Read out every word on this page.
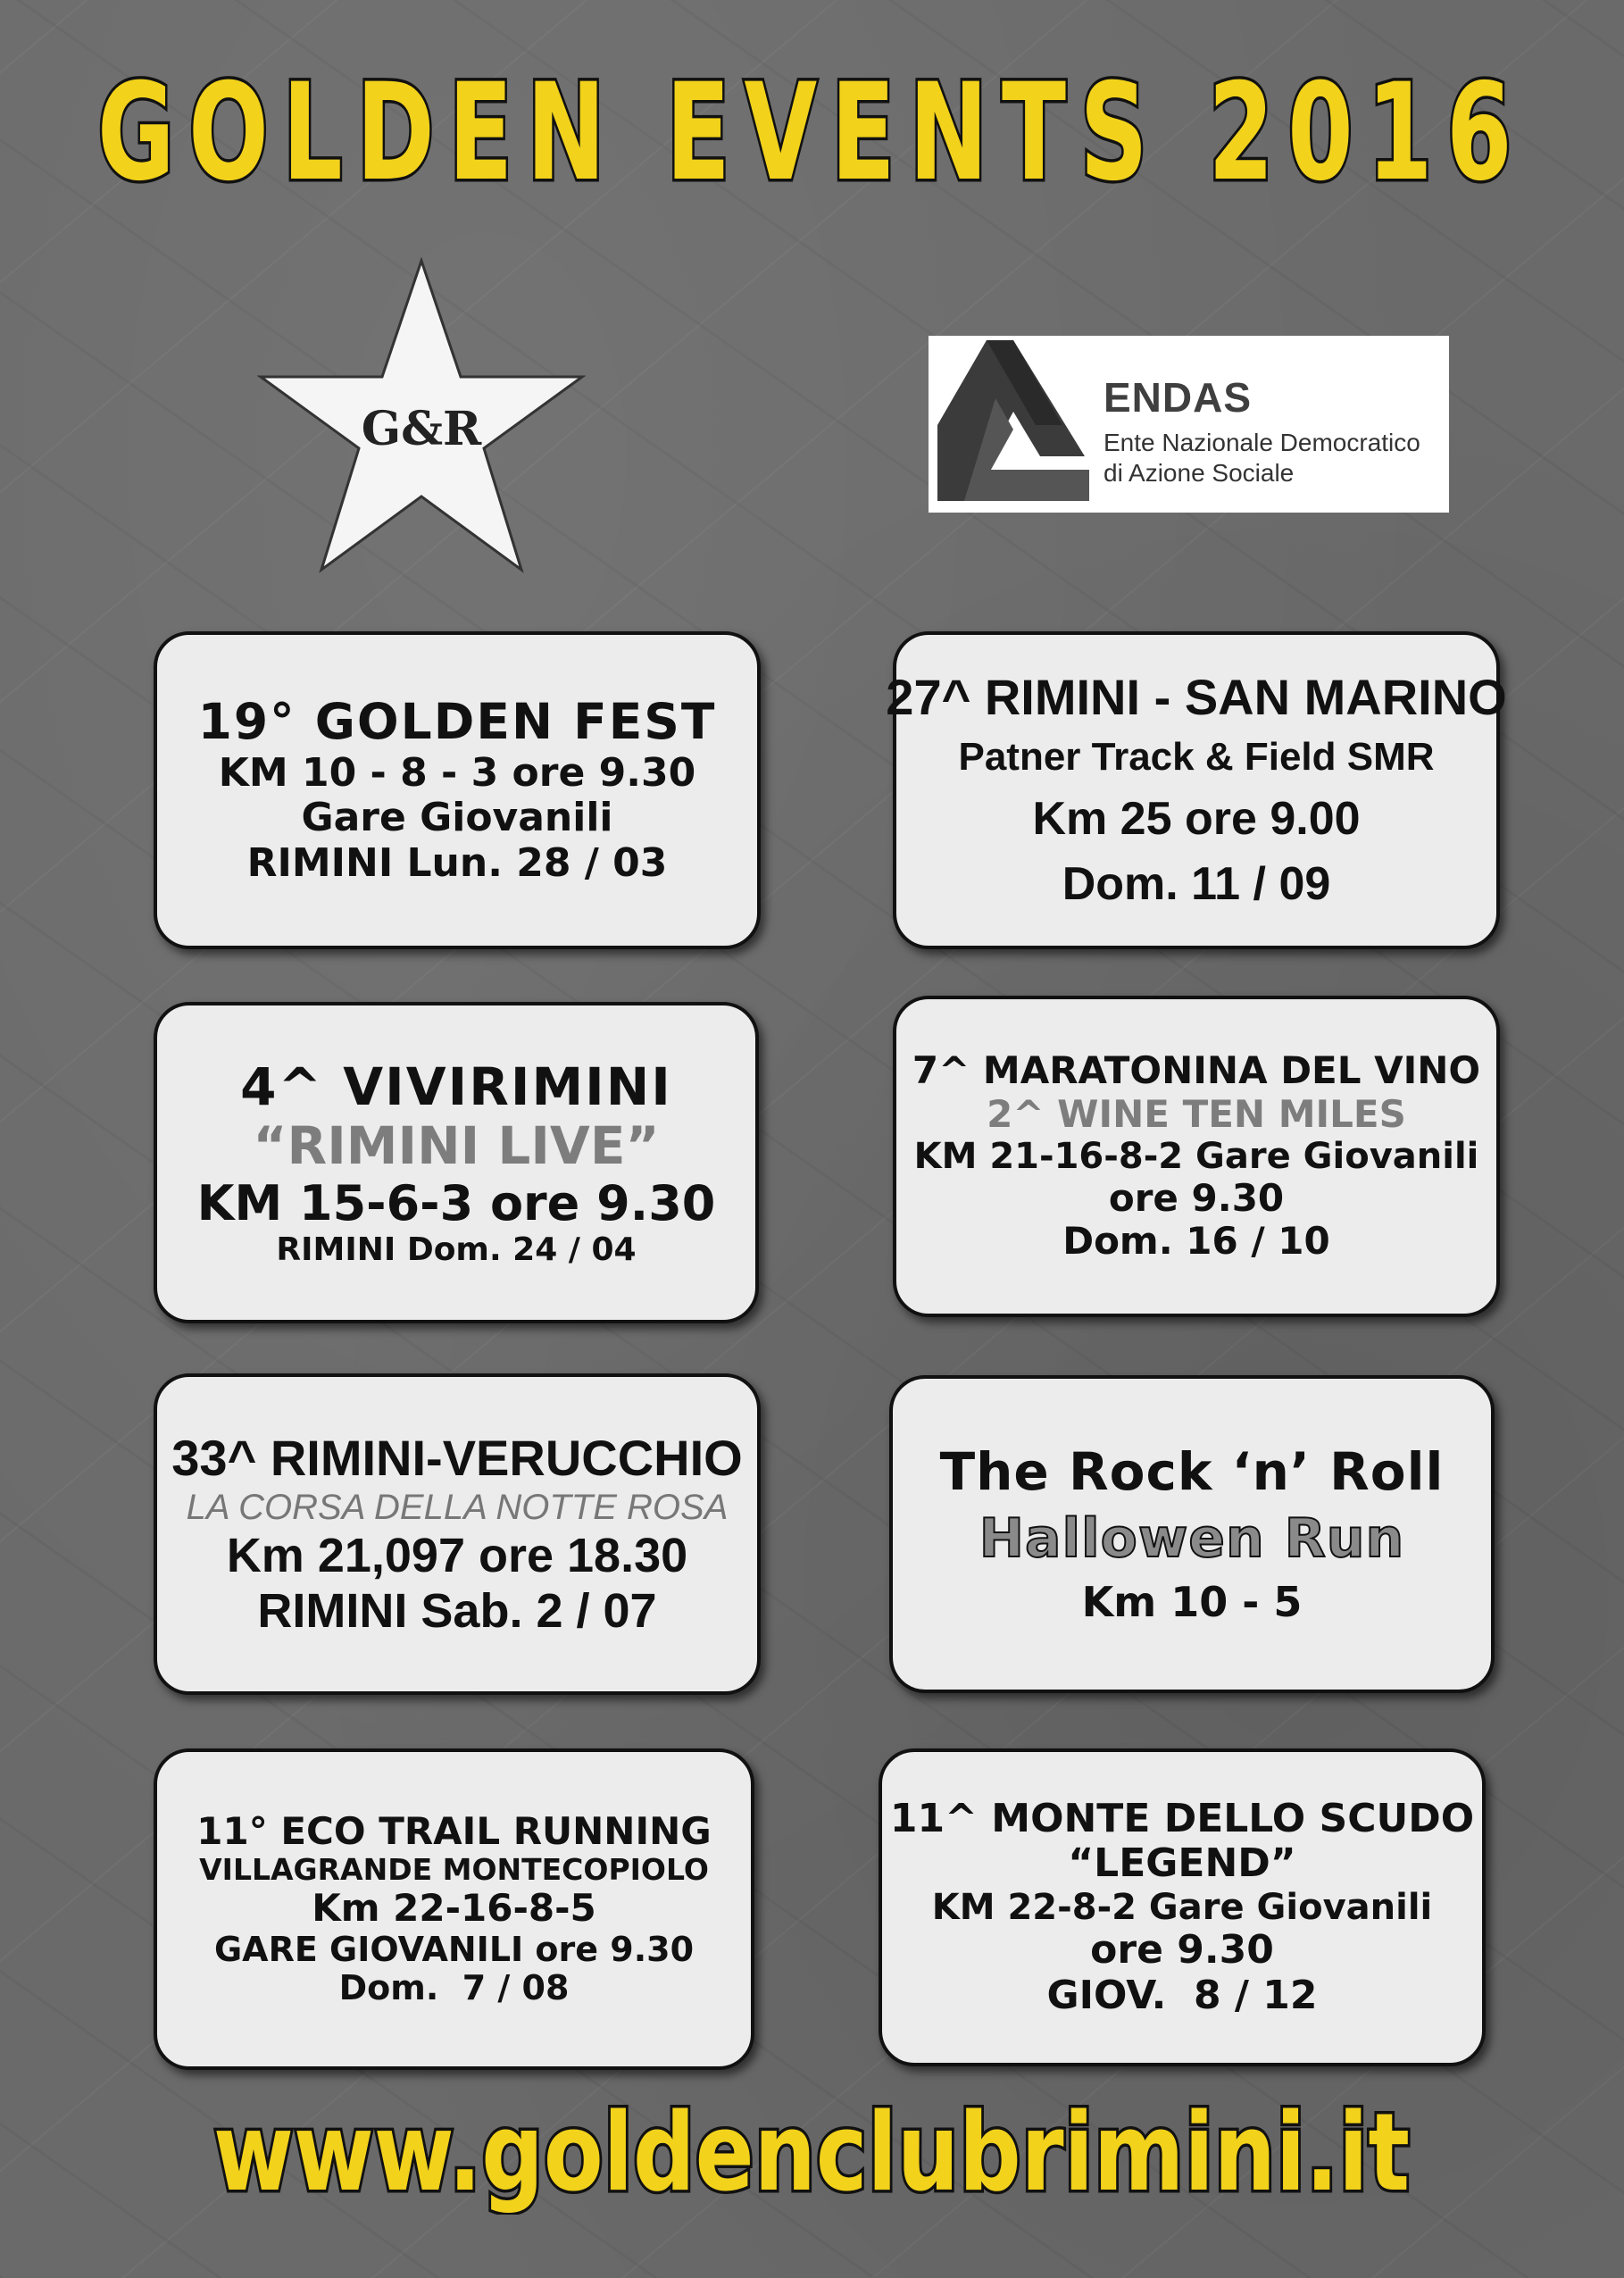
GOLDEN EVENTS 2016
G&R
ENDAS
Ente Nazionale Democratico
di Azione Sociale
19° GOLDEN FEST
KM 10 - 8 - 3 ore 9.30
Gare Giovanili
RIMINI Lun. 28 / 03
27^ RIMINI - SAN MARINO
Patner Track & Field SMR
Km 25 ore 9.00
Dom. 11 / 09
4^ VIVIRIMINI
“RIMINI LIVE”
KM 15-6-3 ore 9.30
RIMINI Dom. 24 / 04
7^ MARATONINA DEL VINO
2^ WINE TEN MILES
KM 21-16-8-2 Gare Giovanili
ore 9.30
Dom. 16 / 10
33^ RIMINI-VERUCCHIO
LA CORSA DELLA NOTTE ROSA
Km 21,097 ore 18.30
RIMINI Sab. 2 / 07
The Rock ‘n’ Roll
Hallowen Run
Km 10 - 5
11° ECO TRAIL RUNNING
VILLAGRANDE MONTECOPIOLO
Km 22-16-8-5
GARE GIOVANILI ore 9.30
Dom.  7 / 08
11^ MONTE DELLO SCUDO
“LEGEND”
KM 22-8-2 Gare Giovanili
ore 9.30
GIOV.  8 / 12
www.goldenclubrimini.it
